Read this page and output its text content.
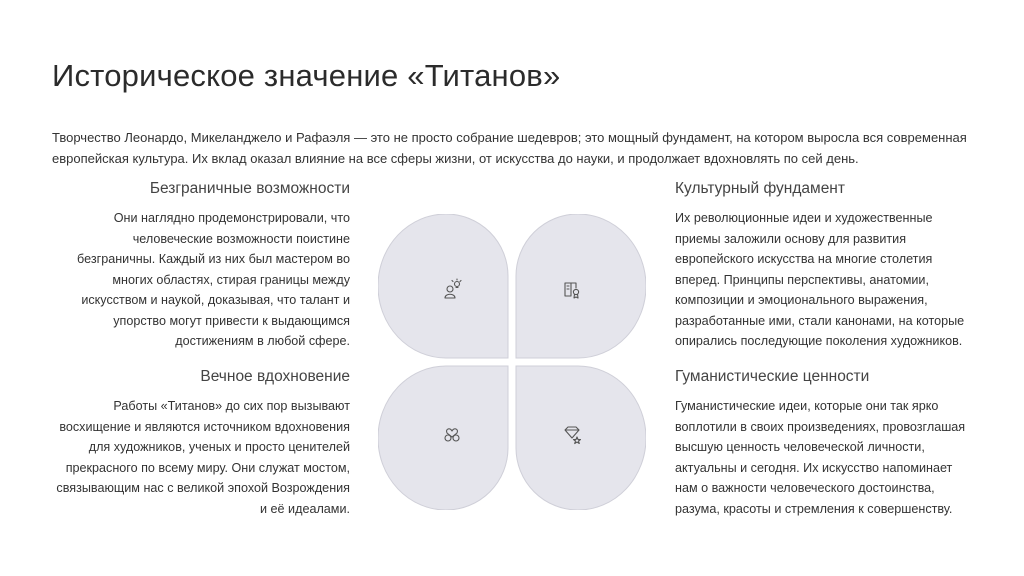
Историческое значение «Титанов»
Творчество Леонардо, Микеланджело и Рафаэля — это не просто собрание шедевров; это мощный фундамент, на котором выросла вся современная европейская культура. Их вклад оказал влияние на все сферы жизни, от искусства до науки, и продолжает вдохновлять по сей день.
Безграничные возможности

Они наглядно продемонстрировали, что человеческие возможности поистине безграничны. Каждый из них был мастером во многих областях, стирая границы между искусством и наукой, доказывая, что талант и упорство могут привести к выдающимся достижениям в любой сфере.

Вечное вдохновение

Работы «Титанов» до сих пор вызывают восхищение и являются источником вдохновения для художников, ученых и просто ценителей прекрасного по всему миру. Они служат мостом, связывающим нас с великой эпохой Возрождения и её идеалами.

Культурный фундамент

Их революционные идеи и художественные приемы заложили основу для развития европейского искусства на многие столетия вперед. Принципы перспективы, анатомии, композиции и эмоционального выражения, разработанные ими, стали канонами, на которые опирались последующие поколения художников.

Гуманистические ценности

Гуманистические идеи, которые они так ярко воплотили в своих произведениях, провозглашая высшую ценность человеческой личности, актуальны и сегодня. Их искусство напоминает нам о важности человеческого достоинства, разума, красоты и стремления к совершенству.
